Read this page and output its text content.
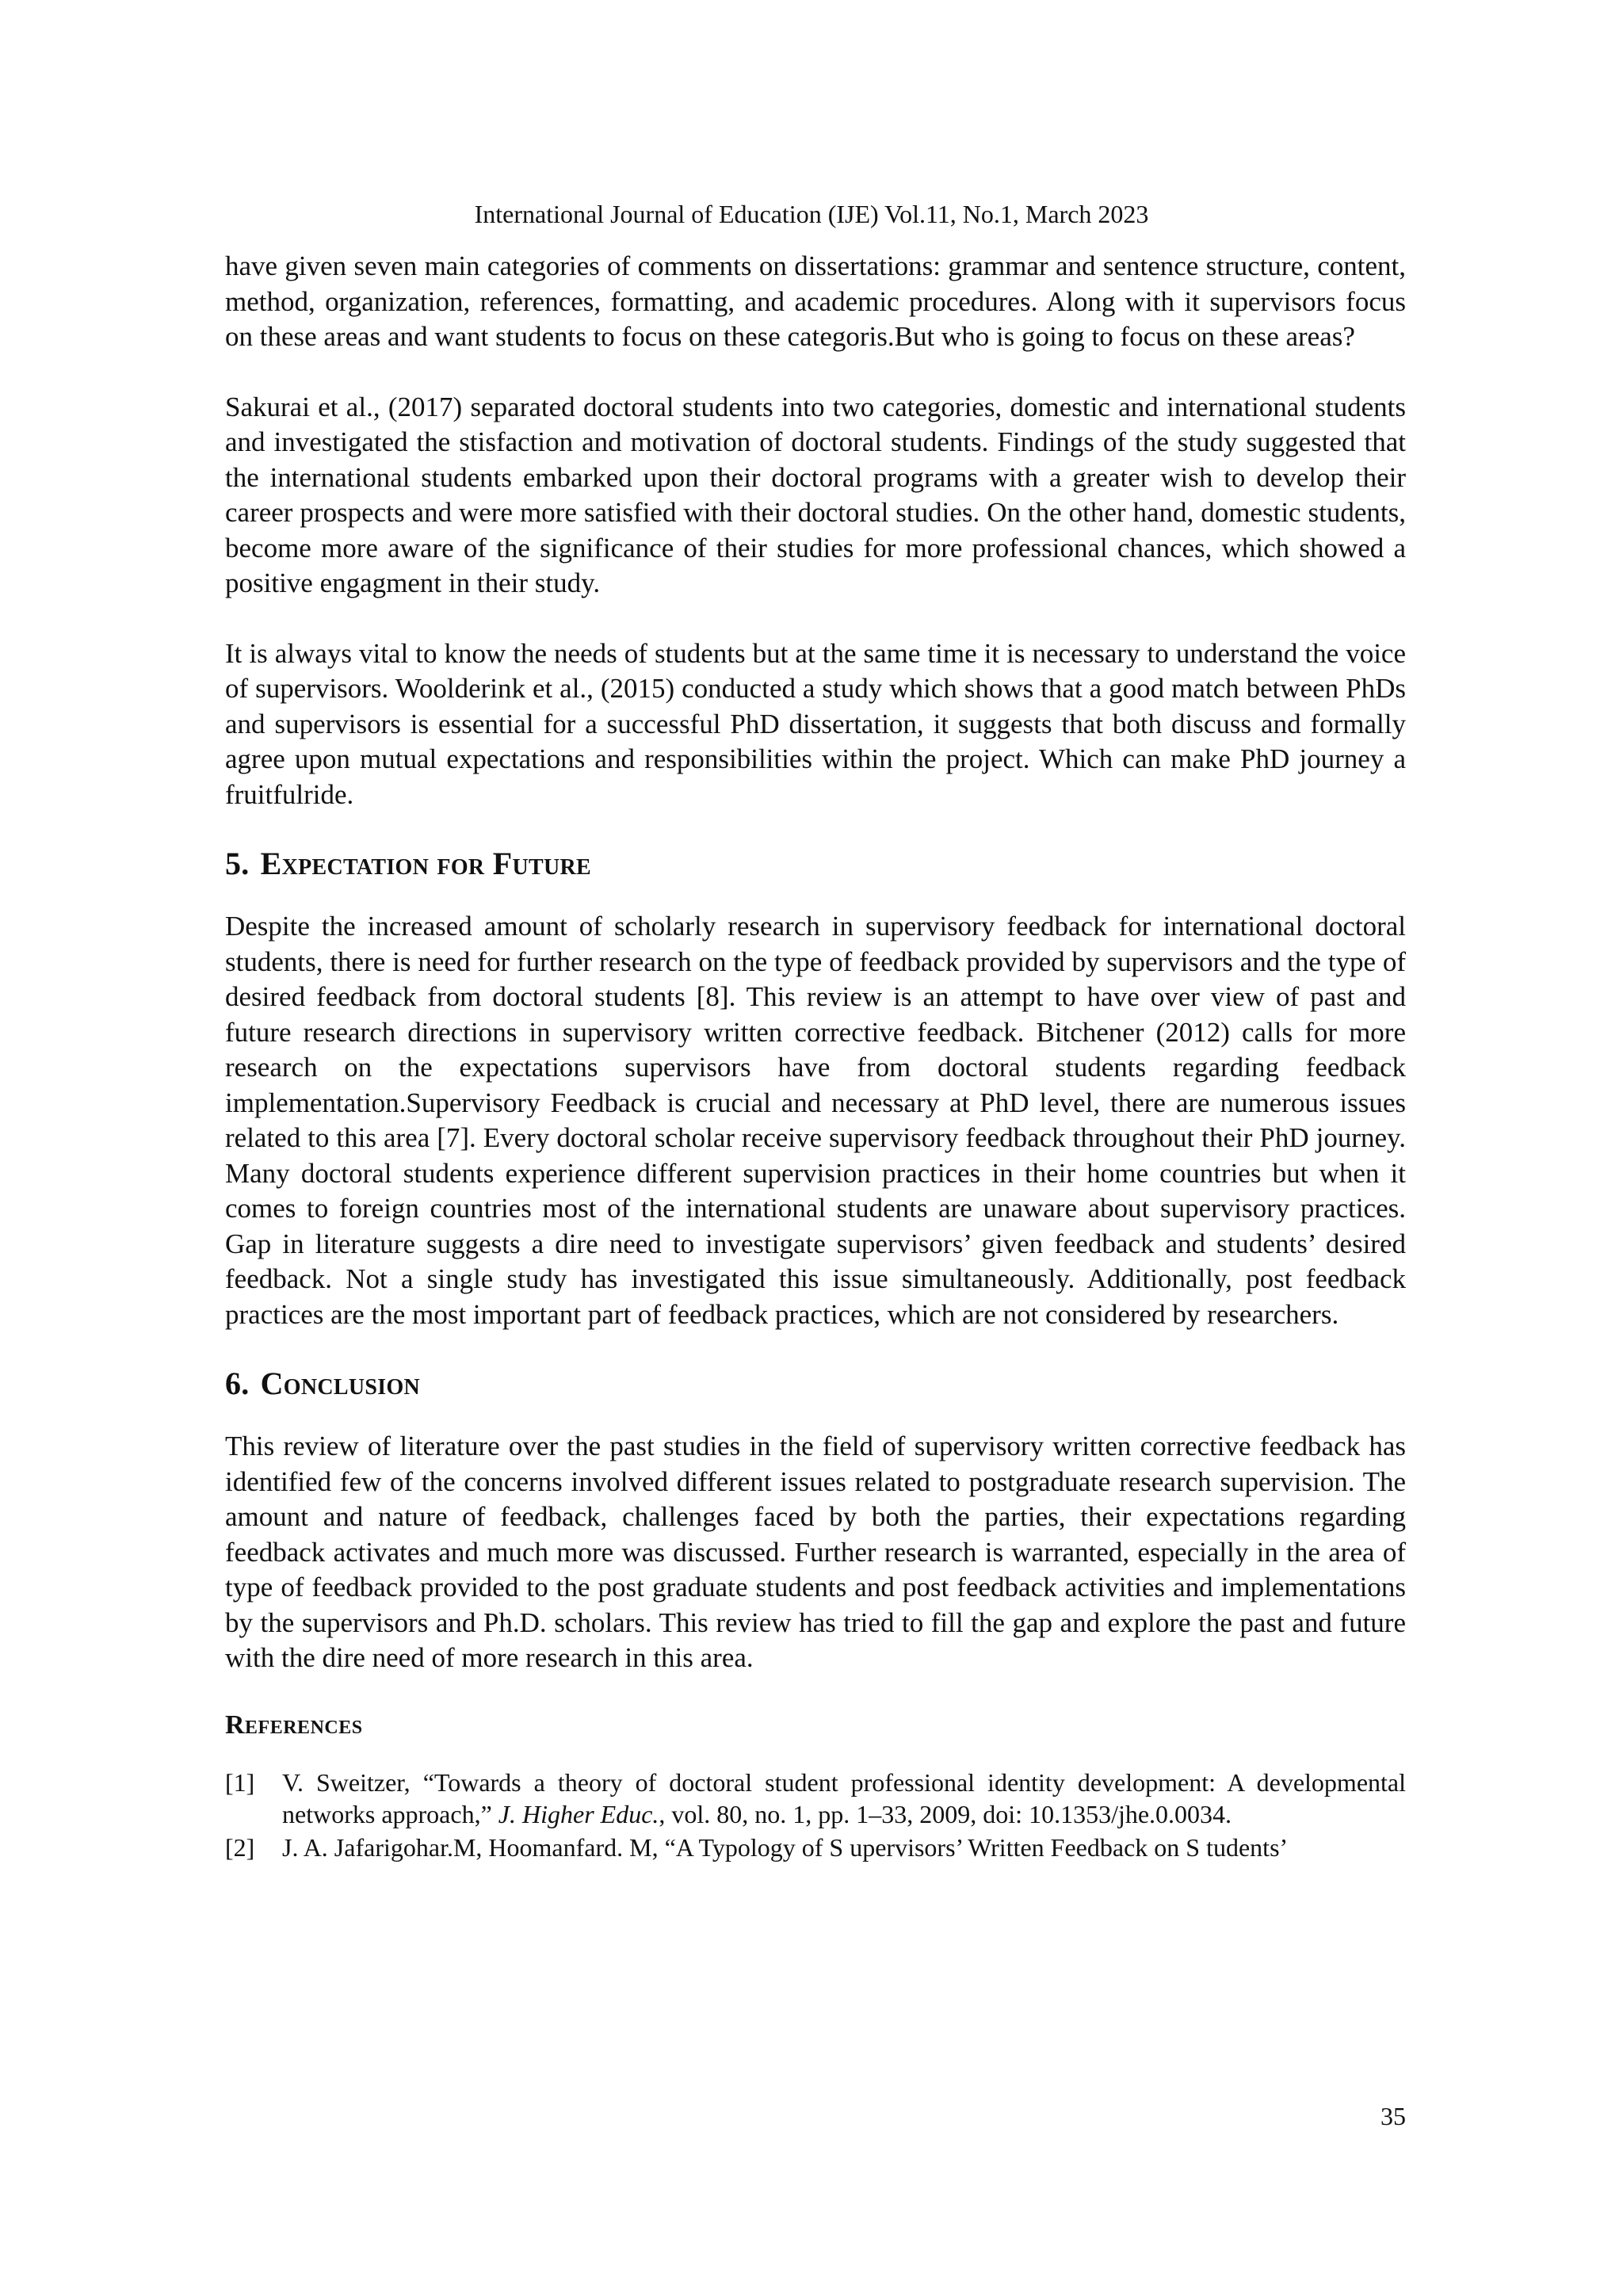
International Journal of Education (IJE) Vol.11, No.1, March 2023

have given seven main categories of comments on dissertations: grammar and sentence structure, content, method, organization, references, formatting, and academic procedures. Along with it supervisors focus on these areas and want students to focus on these categoris.But who is going to focus on these areas?

Sakurai et al., (2017) separated doctoral students into two categories, domestic and international students and investigated the stisfaction and motivation of doctoral students. Findings of the study suggested that the international students embarked upon their doctoral programs with a greater wish to develop their career prospects and were more satisfied with their doctoral studies. On the other hand, domestic students, become more aware of the significance of their studies for more professional chances, which showed a positive engagment in their study.

It is always vital to know the needs of students but at the same time it is necessary to understand the voice of supervisors. Woolderink et al., (2015) conducted a study which shows that a good match between PhDs and supervisors is essential for a successful PhD dissertation, it suggests that both discuss and formally agree upon mutual expectations and responsibilities within the project. Which can make PhD journey a fruitfulride.

5. Expectation for Future

Despite the increased amount of scholarly research in supervisory feedback for international doctoral students, there is need for further research on the type of feedback provided by supervisors and the type of desired feedback from doctoral students [8]. This review is an attempt to have over view of past and future research directions in supervisory written corrective feedback. Bitchener (2012) calls for more research on the expectations supervisors have from doctoral students regarding feedback implementation.Supervisory Feedback is crucial and necessary at PhD level, there are numerous issues related to this area [7]. Every doctoral scholar receive supervisory feedback throughout their PhD journey. Many doctoral students experience different supervision practices in their home countries but when it comes to foreign countries most of the international students are unaware about supervisory practices. Gap in literature suggests a dire need to investigate supervisors’ given feedback and students’ desired feedback. Not a single study has investigated this issue simultaneously. Additionally, post feedback practices are the most important part of feedback practices, which are not considered by researchers.

6. Conclusion

This review of literature over the past studies in the field of supervisory written corrective feedback has identified few of the concerns involved different issues related to postgraduate research supervision. The amount and nature of feedback, challenges faced by both the parties, their expectations regarding feedback activates and much more was discussed. Further research is warranted, especially in the area of type of feedback provided to the post graduate students and post feedback activities and implementations by the supervisors and Ph.D. scholars. This review has tried to fill the gap and explore the past and future with the dire need of more research in this area.

References
[1]	V. Sweitzer, “Towards a theory of doctoral student professional identity development: A developmental networks approach,” J. Higher Educ., vol. 80, no. 1, pp. 1–33, 2009, doi: 10.1353/jhe.0.0034.
[2]	J. A. Jafarigohar.M, Hoomanfard. M, “A Typology of S upervisors’ Written Feedback on S tudents’
35
